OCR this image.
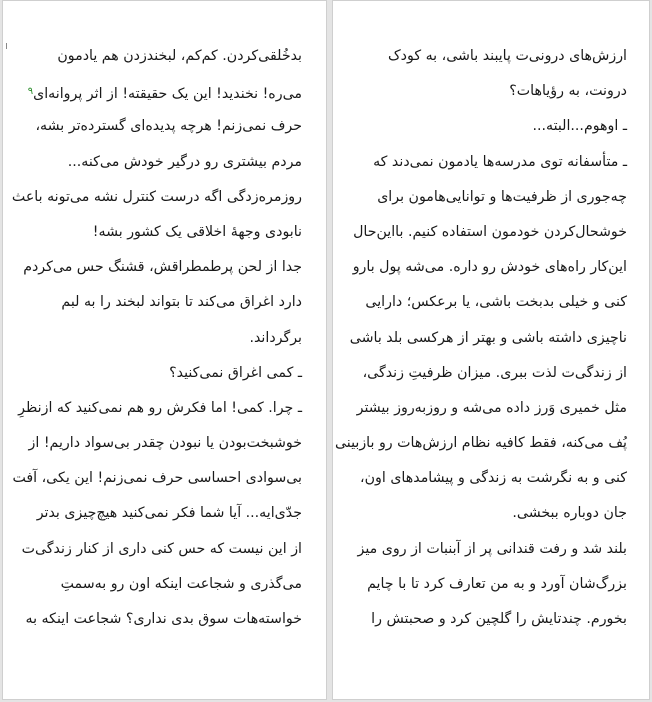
بدخُلقی‌کردن. کم‌کم، لبخندزدن هم یادمون
می‌ره! نخندید! این یک حقیقته! از اثر پروانه‌ای$^۹$
حرف نمی‌زنم! هرچه پدیده‌ای گسترده‌تر بشه،
مردم بیشتری رو درگیر خودش می‌کنه...
روزمره‌زدگی اگه درست کنترل نشه می‌تونه باعث
نابودی وجههٔ اخلاقی یک کشور بشه!
جدا از لحن پرطمطراقش، قشنگ حس می‌کردم
دارد اغراق می‌کند تا بتواند لبخند را به لبم
برگرداند.
ـ کمی اغراق نمی‌کنید؟
ـ چرا. کمی! اما فکرش رو هم نمی‌کنید که ازنظرِ
خوشبخت‌بودن یا نبودن چقدر بی‌سواد داریم! از
بی‌سوادی احساسی حرف نمی‌زنم! این یکی، آفت
جدّی‌ایه... آیا شما فکر نمی‌کنید هیچ‌چیزی بدتر
از این نیست که حس کنی داری از کنار زندگی‌ت
می‌گذری و شجاعت اینکه اون رو به‌سمتِ
خواسته‌هات سوق بدی نداری؟ شجاعت اینکه به
ارزش‌های درونی‌ت پایبند باشی، به کودک
درونت، به رؤیاهات؟
ـ اوهوم...البته...
ـ متأسفانه توی مدرسه‌ها یادمون نمی‌دند که
چه‌جوری از ظرفیت‌ها و توانایی‌هامون برای
خوشحال‌کردن خودمون استفاده کنیم. بااین‌حال
این‌کار راه‌های خودش رو داره. می‌شه پول بارو
کنی و خیلی بدبخت باشی، یا برعکس؛ دارایی
ناچیزی داشته باشی و بهتر از هرکسی بلد باشی
از زندگی‌ت لذت ببری. میزان ظرفیتِ زندگی،
مثل خمیری وَرز داده می‌شه و روزبه‌روز بیشتر
پُف می‌کنه، فقط کافیه نظام ارزش‌هات رو بازبینی
کنی و به نگرشت به زندگی و پیشامدهای اون،
جان دوباره ببخشی.
بلند شد و رفت قندانی پر از آبنبات از روی میز
بزرگ‌شان آورد و به من تعارف کرد تا با چایم
بخورم. چندتایش را گلچین کرد و صحبتش را
